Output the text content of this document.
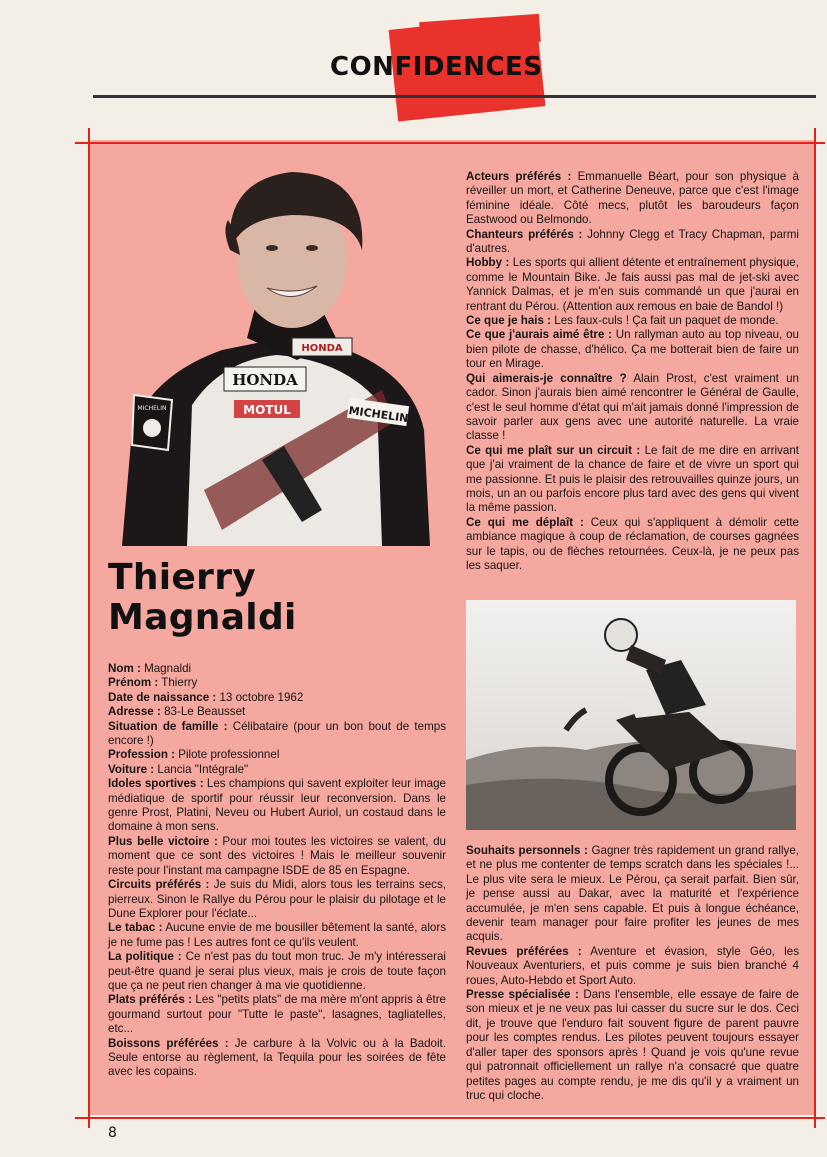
CONFIDENCES
HONDA
HONDA
MOTUL	MICHELIN
MICHELIN
Thierry
Magnaldi

Nom : Magnaldi

Prénom : Thierry

Date de naissance : 13 octobre 1962

Adresse : 83-Le Beausset

Situation de famille : Célibataire (pour un bon bout de temps encore !)

Profession : Pilote professionnel

Voiture : Lancia "Intégrale"

Idoles sportives : Les champions qui savent exploiter leur image médiatique de sportif pour réussir leur reconversion. Dans le genre Prost, Platini, Neveu ou Hubert Auriol, un costaud dans le domaine à mon sens.

Plus belle victoire : Pour moi toutes les victoires se valent, du moment que ce sont des victoires ! Mais le meilleur souvenir reste pour l'instant ma campagne ISDE de 85 en Espagne.

Circuits préférés : Je suis du Midi, alors tous les terrains secs, pierreux. Sinon le Rallye du Pérou pour le plaisir du pilotage et le Dune Explorer pour l'éclate...

Le tabac : Aucune envie de me bousiller bêtement la santé, alors je ne fume pas ! Les autres font ce qu'ils veulent.

La politique : Ce n'est pas du tout mon truc. Je m'y intéresserai peut-être quand je serai plus vieux, mais je crois de toute façon que ça ne peut rien changer à ma vie quotidienne.

Plats préférés : Les "petits plats" de ma mère m'ont appris à être gourmand surtout pour "Tutte le paste", lasagnes, tagliatelles, etc...

Boissons préférées : Je carbure à la Volvic ou à la Badoit. Seule entorse au règlement, la Tequila pour les soirées de fête avec les copains.

Acteurs préférés : Emmanuelle Béart, pour son physique à réveiller un mort, et Catherine Deneuve, parce que c'est l'image féminine idéale. Côté mecs, plutôt les baroudeurs façon Eastwood ou Belmondo.

Chanteurs préférés : Johnny Clegg et Tracy Chapman, parmi d'autres.

Hobby : Les sports qui allient détente et entraînement physique, comme le Mountain Bike. Je fais aussi pas mal de jet-ski avec Yannick Dalmas, et je m'en suis commandé un que j'aurai en rentrant du Pérou. (Attention aux remous en baie de Bandol !)

Ce que je hais : Les faux-culs ! Ça fait un paquet de monde.

Ce que j'aurais aimé être : Un rallyman auto au top niveau, ou bien pilote de chasse, d'hélico. Ça me botterait bien de faire un tour en Mirage.

Qui aimerais-je connaître ? Alain Prost, c'est vraiment un cador. Sinon j'aurais bien aimé rencontrer le Général de Gaulle, c'est le seul homme d'état qui m'ait jamais donné l'impression de savoir parler aux gens avec une autorité naturelle. La vraie classe !

Ce qui me plaît sur un circuit : Le fait de me dire en arrivant que j'ai vraiment de la chance de faire et de vivre un sport qui me passionne. Et puis le plaisir des retrouvailles quinze jours, un mois, un an ou parfois encore plus tard avec des gens qui vivent la même passion.

Ce qui me déplaît : Ceux qui s'appliquent à démolir cette ambiance magique à coup de réclamation, de courses gagnées sur le tapis, ou de flèches retournées. Ceux-là, je ne peux pas les saquer.

Souhaits personnels : Gagner très rapidement un grand rallye, et ne plus me contenter de temps scratch dans les spéciales !... Le plus vite sera le mieux. Le Pérou, ça serait parfait. Bien sûr, je pense aussi au Dakar, avec la maturité et l'expérience accumulée, je m'en sens capable. Et puis à longue échéance, devenir team manager pour faire profiter les jeunes de mes acquis.

Revues préférées : Aventure et évasion, style Géo, les Nouveaux Aventuriers, et puis comme je suis bien branché 4 roues, Auto-Hebdo et Sport Auto.

Presse spécialisée : Dans l'ensemble, elle essaye de faire de son mieux et je ne veux pas lui casser du sucre sur le dos. Ceci dit, je trouve que l'enduro fait souvent figure de parent pauvre pour les comptes rendus. Les pilotes peuvent toujours essayer d'aller taper des sponsors après ! Quand je vois qu'une revue qui patronnait officiellement un rallye n'a consacré que quatre petites pages au compte rendu, je me dis qu'il y a vraiment un truc qui cloche.

8
